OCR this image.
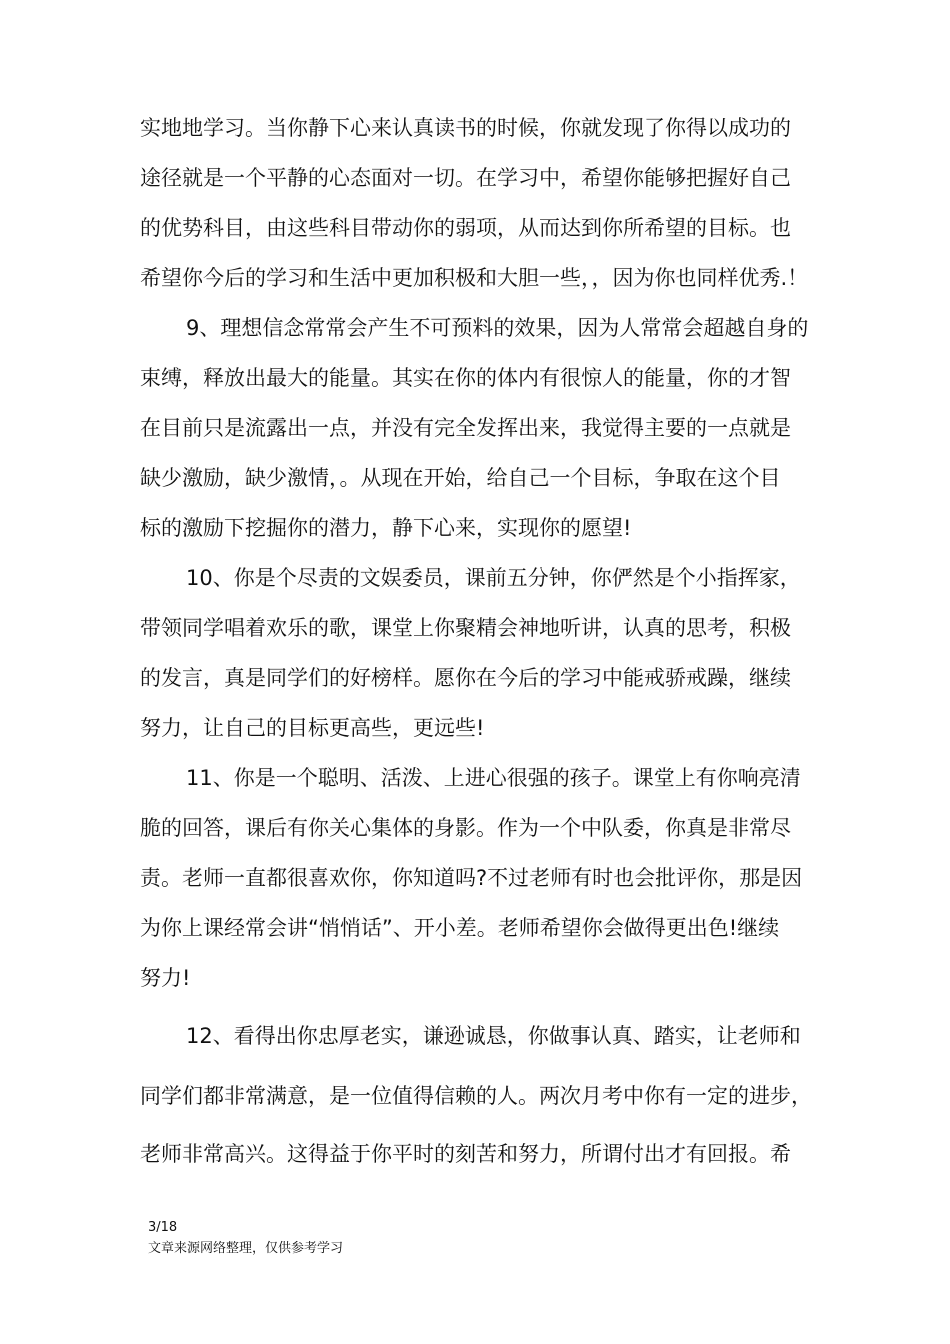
实地地学习。当你静下心来认真读书的时候，你就发现了你得以成功的
途径就是一个平静的心态面对一切。在学习中，希望你能够把握好自己
的优势科目，由这些科目带动你的弱项，从而达到你所希望的目标。也
希望你今后的学习和生活中更加积极和大胆一些，，因为你也同样优秀.！
9、理想信念常常会产生不可预料的效果，因为人常常会超越自身的
束缚，释放出最大的能量。其实在你的体内有很惊人的能量，你的才智
在目前只是流露出一点，并没有完全发挥出来，我觉得主要的一点就是
缺少激励，缺少激情，。从现在开始，给自己一个目标，争取在这个目
标的激励下挖掘你的潜力，静下心来，实现你的愿望!
10、你是个尽责的文娱委员，课前五分钟，你俨然是个小指挥家，
带领同学唱着欢乐的歌，课堂上你聚精会神地听讲，认真的思考，积极
的发言，真是同学们的好榜样。愿你在今后的学习中能戒骄戒躁，继续
努力，让自己的目标更高些，更远些!
11、你是一个聪明、活泼、上进心很强的孩子。课堂上有你响亮清
脆的回答，课后有你关心集体的身影。作为一个中队委，你真是非常尽
责。老师一直都很喜欢你，你知道吗?不过老师有时也会批评你，那是因
为你上课经常会讲“悄悄话”、开小差。老师希望你会做得更出色!继续
努力!
12、看得出你忠厚老实，谦逊诚恳，你做事认真、踏实，让老师和
同学们都非常满意，是一位值得信赖的人。两次月考中你有一定的进步，
老师非常高兴。这得益于你平时的刻苦和努力，所谓付出才有回报。希
3/18
文章来源网络整理，仅供参考学习
